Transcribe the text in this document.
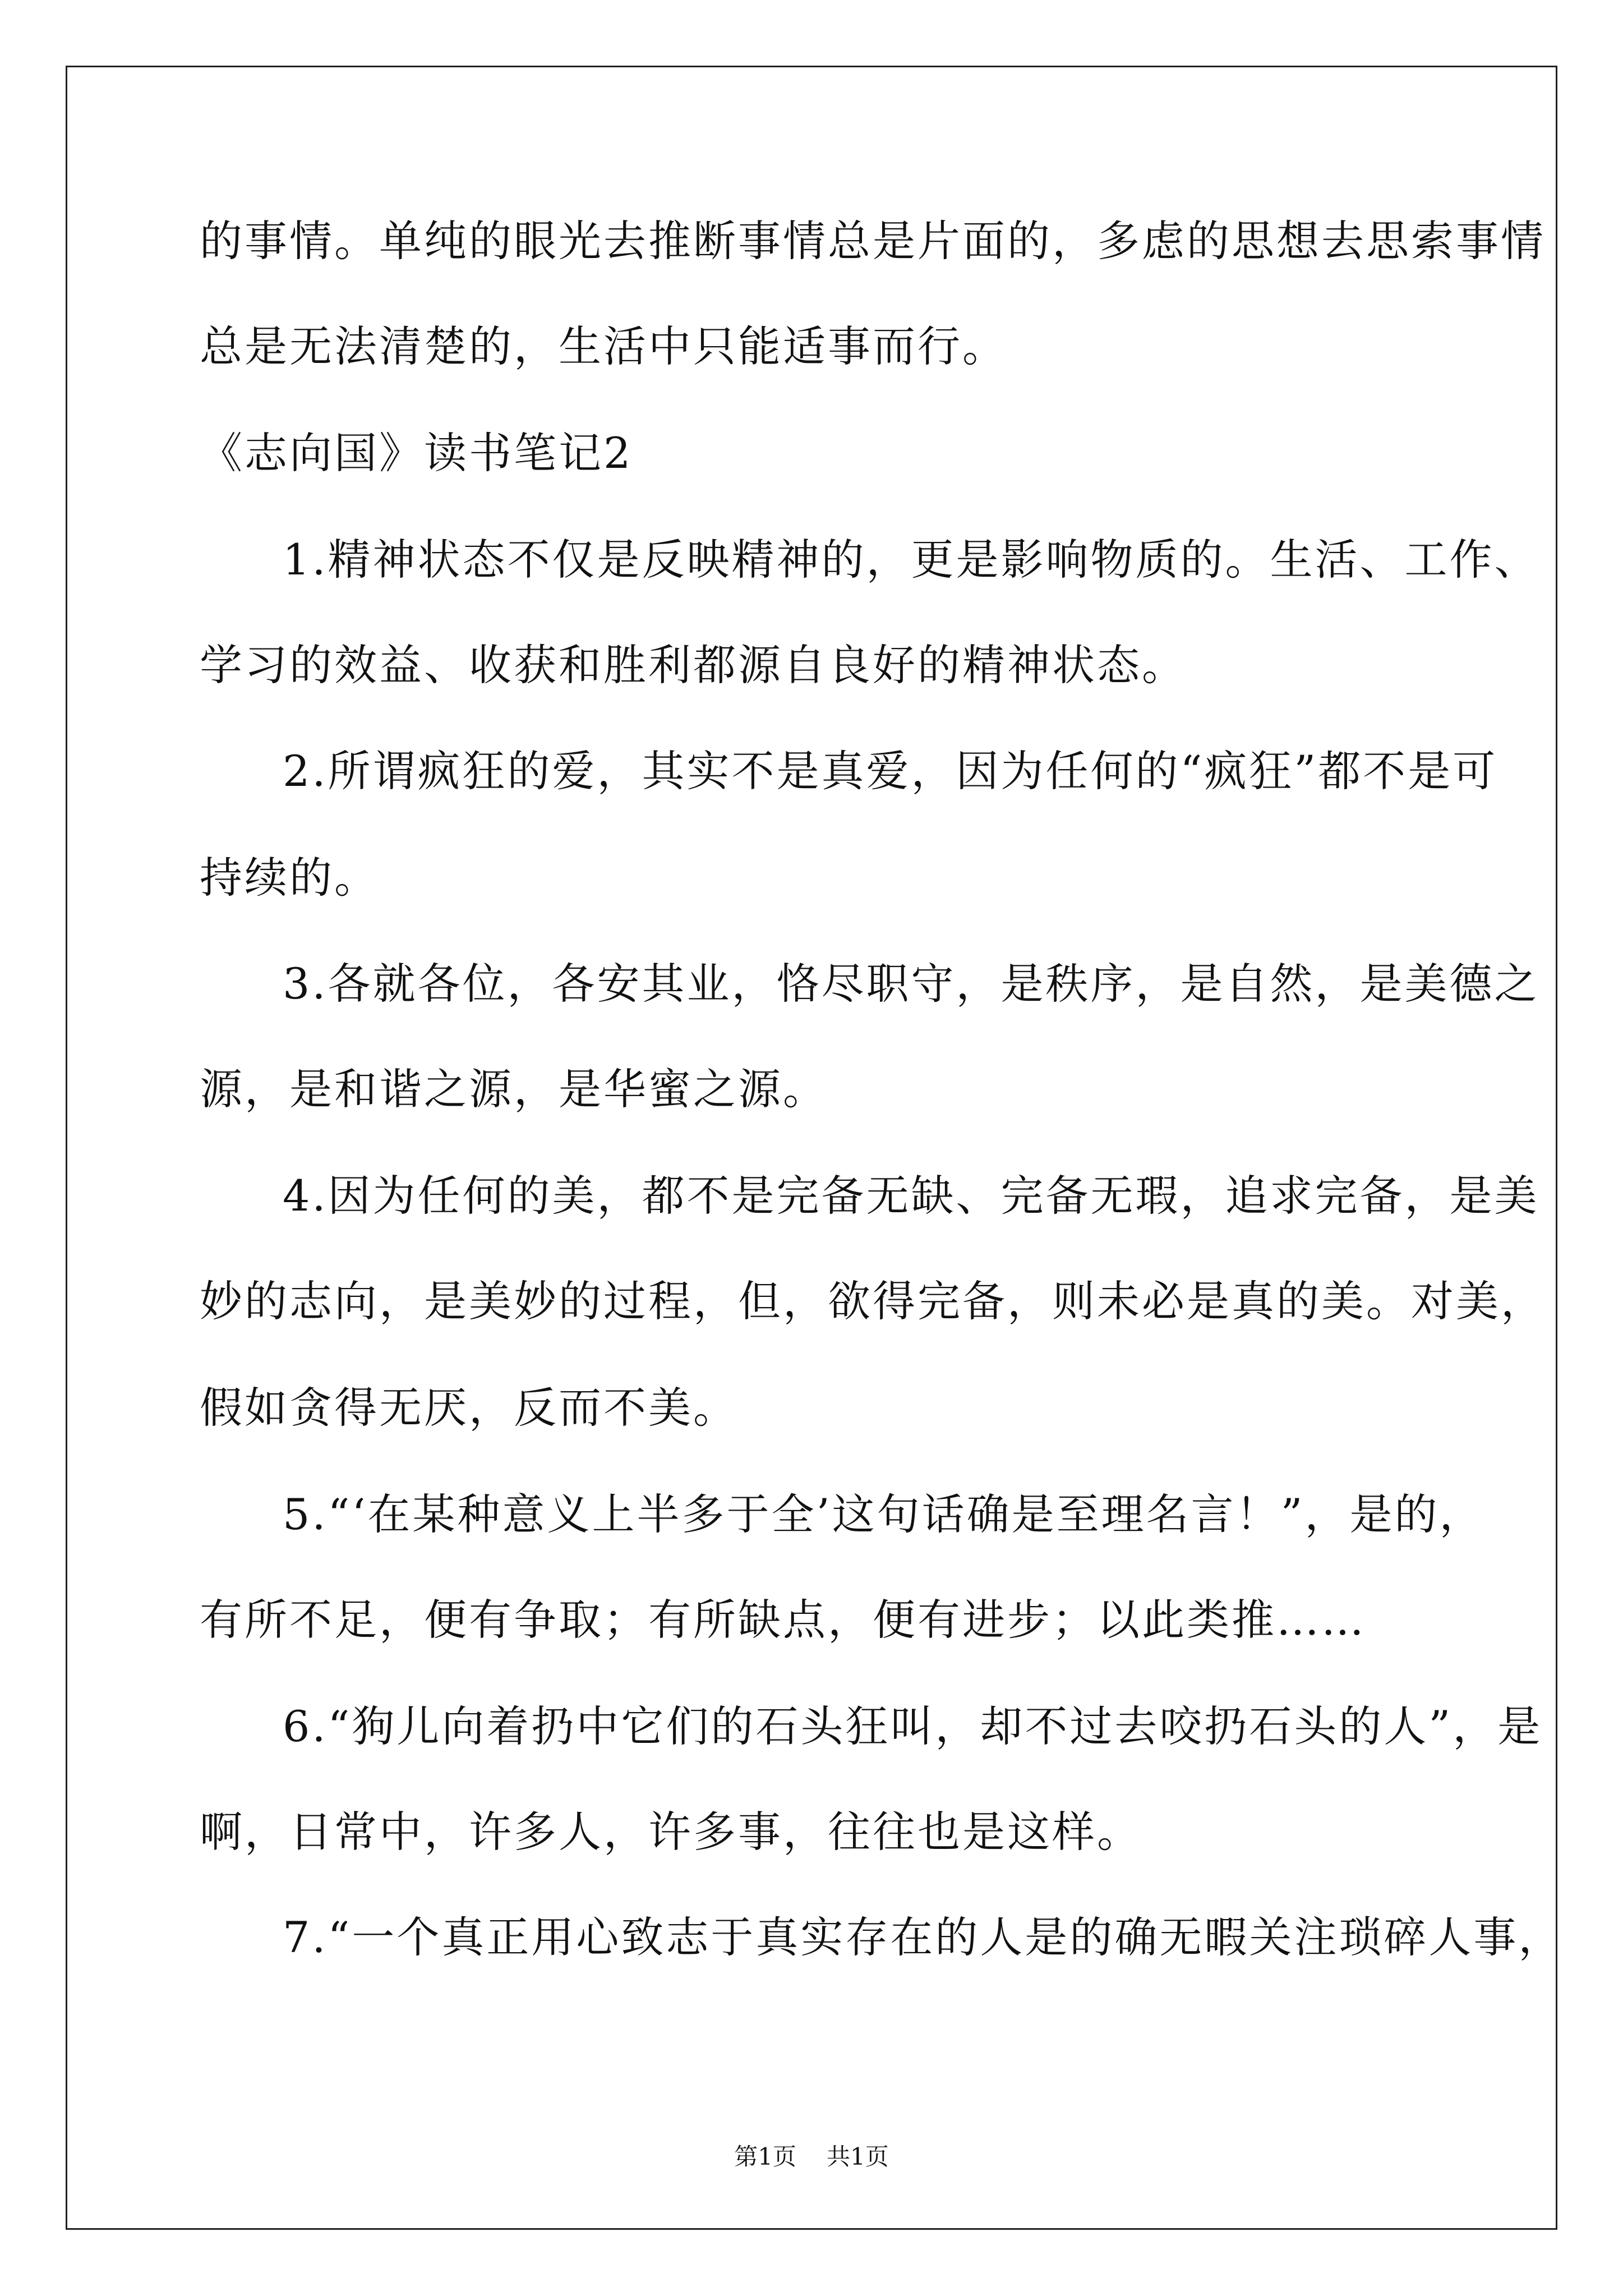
的事情。单纯的眼光去推断事情总是片面的，多虑的思想去思索事情
总是无法清楚的，生活中只能适事而行。
《志向国》读书笔记2
1.精神状态不仅是反映精神的，更是影响物质的。生活、工作、
学习的效益、收获和胜利都源自良好的精神状态。
2.所谓疯狂的爱，其实不是真爱，因为任何的“疯狂”都不是可
持续的。
3.各就各位，各安其业，恪尽职守，是秩序，是自然，是美德之
源，是和谐之源，是华蜜之源。
4.因为任何的美，都不是完备无缺、完备无瑕，追求完备，是美
妙的志向，是美妙的过程，但，欲得完备，则未必是真的美。对美，
假如贪得无厌，反而不美。
5.“‘在某种意义上半多于全’这句话确是至理名言！”，是的，
有所不足，便有争取；有所缺点，便有进步；以此类推……
6.“狗儿向着扔中它们的石头狂叫，却不过去咬扔石头的人”，是
啊，日常中，许多人，许多事，往往也是这样。
7.“一个真正用心致志于真实存在的人是的确无暇关注琐碎人事，
第1页 共1页
